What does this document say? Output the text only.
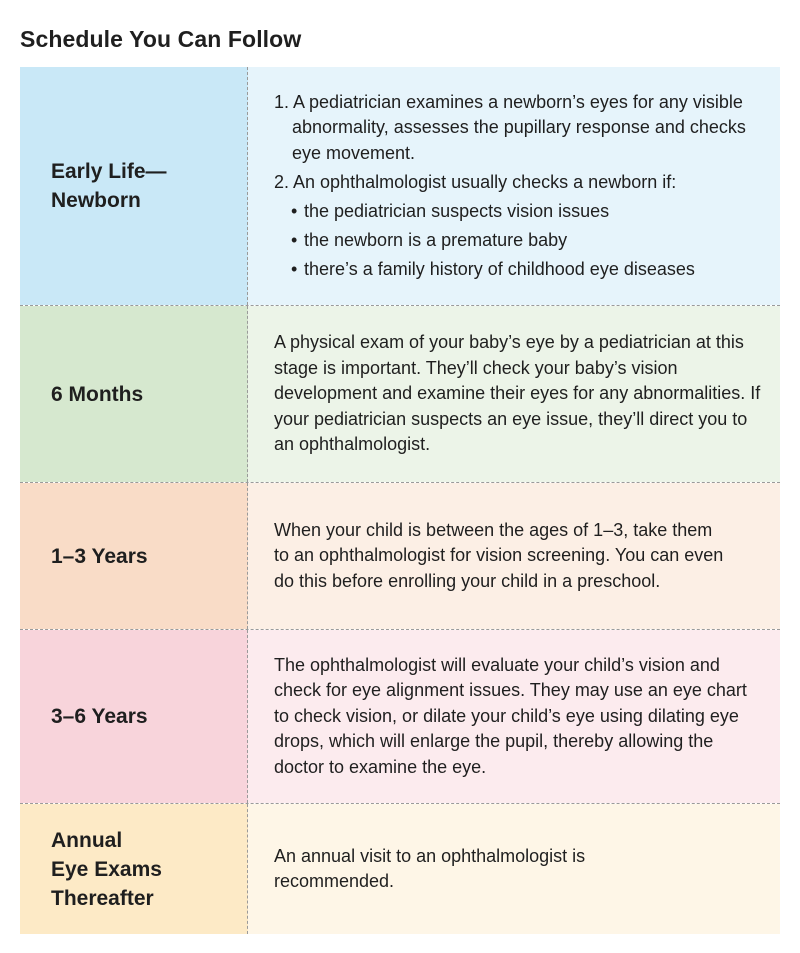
Schedule You Can Follow
Early Life—
Newborn
1. A pediatrician examines a newborn’s eyes for any visible abnormality, assesses the pupillary response and checks eye movement.
2. An ophthalmologist usually checks a newborn if:
• the pediatrician suspects vision issues
• the newborn is a premature baby
• there’s a family history of childhood eye diseases
6 Months
A physical exam of your baby’s eye by a pediatrician at this stage is important. They’ll check your baby’s vision development and examine their eyes for any abnormalities. If your pediatrician suspects an eye issue, they’ll direct you to an ophthalmologist.
1–3 Years
When your child is between the ages of 1–3, take them to an ophthalmologist for vision screening. You can even do this before enrolling your child in a preschool.
3–6 Years
The ophthalmologist will evaluate your child’s vision and check for eye alignment issues. They may use an eye chart to check vision, or dilate your child’s eye using dilating eye drops, which will enlarge the pupil, thereby allowing the doctor to examine the eye.
Annual
Eye Exams
Thereafter
An annual visit to an ophthalmologist is recommended.
